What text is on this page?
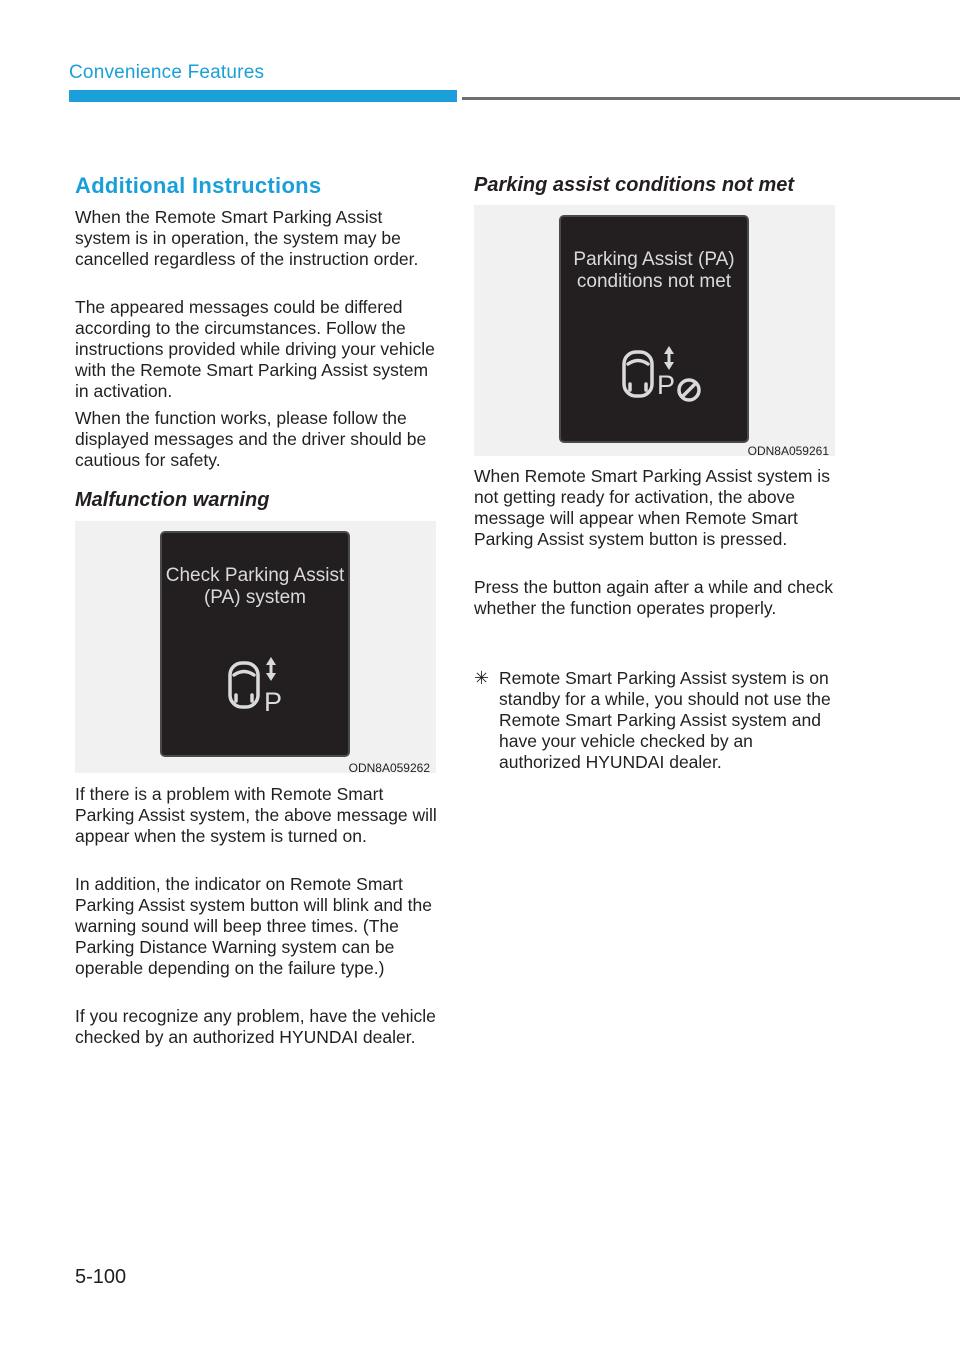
Convenience Features
Additional Instructions

When the Remote Smart Parking Assist system is in operation, the system may be cancelled regardless of the instruction order.

The appeared messages could be differed according to the circumstances. Follow the instructions provided while driving your vehicle with the Remote Smart Parking Assist system in activation.

When the function works, please follow the displayed messages and the driver should be cautious for safety.

Malfunction warning
Check Parking Assist
(PA) system
P
ODN8A059262

If there is a problem with Remote Smart Parking Assist system, the above message will appear when the system is turned on.

In addition, the indicator on Remote Smart Parking Assist system button will blink and the warning sound will beep three times. (The Parking Distance Warning system can be operable depending on the failure type.)

If you recognize any problem, have the vehicle checked by an authorized HYUNDAI dealer.

Parking assist conditions not met
Parking Assist (PA)
conditions not met
P
ODN8A059261

When Remote Smart Parking Assist system is not getting ready for activation, the above message will appear when Remote Smart Parking Assist system button is pressed.

Press the button again after a while and check whether the function operates properly.

✳ Remote Smart Parking Assist system is on standby for a while, you should not use the Remote Smart Parking Assist system and have your vehicle checked by an authorized HYUNDAI dealer.

5-100
